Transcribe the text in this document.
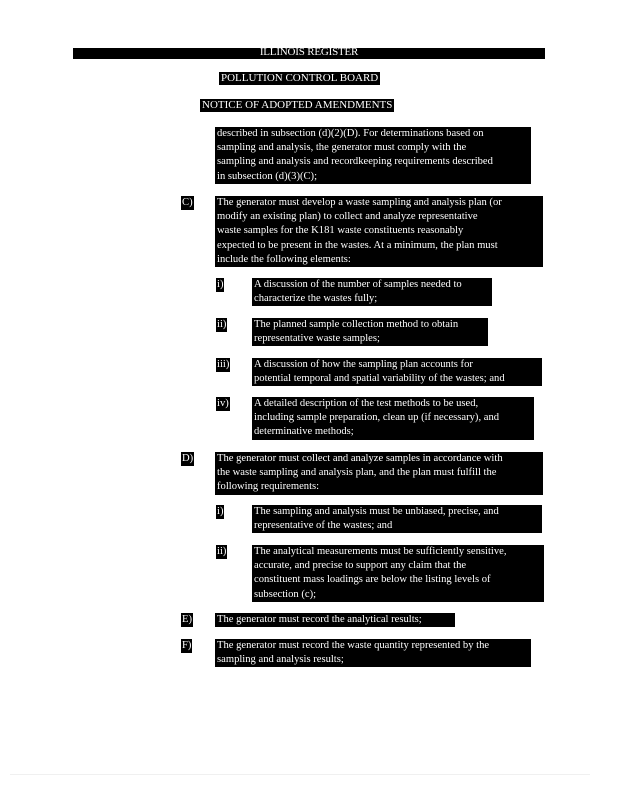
ILLINOIS REGISTER
POLLUTION CONTROL BOARD
NOTICE OF ADOPTED AMENDMENTS
described in subsection (d)(2)(D). For determinations based on
sampling and analysis, the generator must comply with the
sampling and analysis and recordkeeping requirements described
in subsection (d)(3)(C);
C) The generator must develop a waste sampling and analysis plan (or
modify an existing plan) to collect and analyze representative
waste samples for the K181 waste constituents reasonably
expected to be present in the wastes. At a minimum, the plan must
include the following elements:
i)	A discussion of the number of samples needed to
characterize the wastes fully;
ii)	The planned sample collection method to obtain
representative waste samples;
iii) A discussion of how the sampling plan accounts for
potential temporal and spatial variability of the wastes; and
iv) A detailed description of the test methods to be used,
including sample preparation, clean up (if necessary), and
determinative methods;
D) The generator must collect and analyze samples in accordance with
the waste sampling and analysis plan, and the plan must fulfill the
following requirements:
i)	The sampling and analysis must be unbiased, precise, and
representative of the wastes; and
ii)	The analytical measurements must be sufficiently sensitive,
accurate, and precise to support any claim that the
constituent mass loadings are below the listing levels of
subsection (c);
E) The generator must record the analytical results;
F) The generator must record the waste quantity represented by the
sampling and analysis results;
